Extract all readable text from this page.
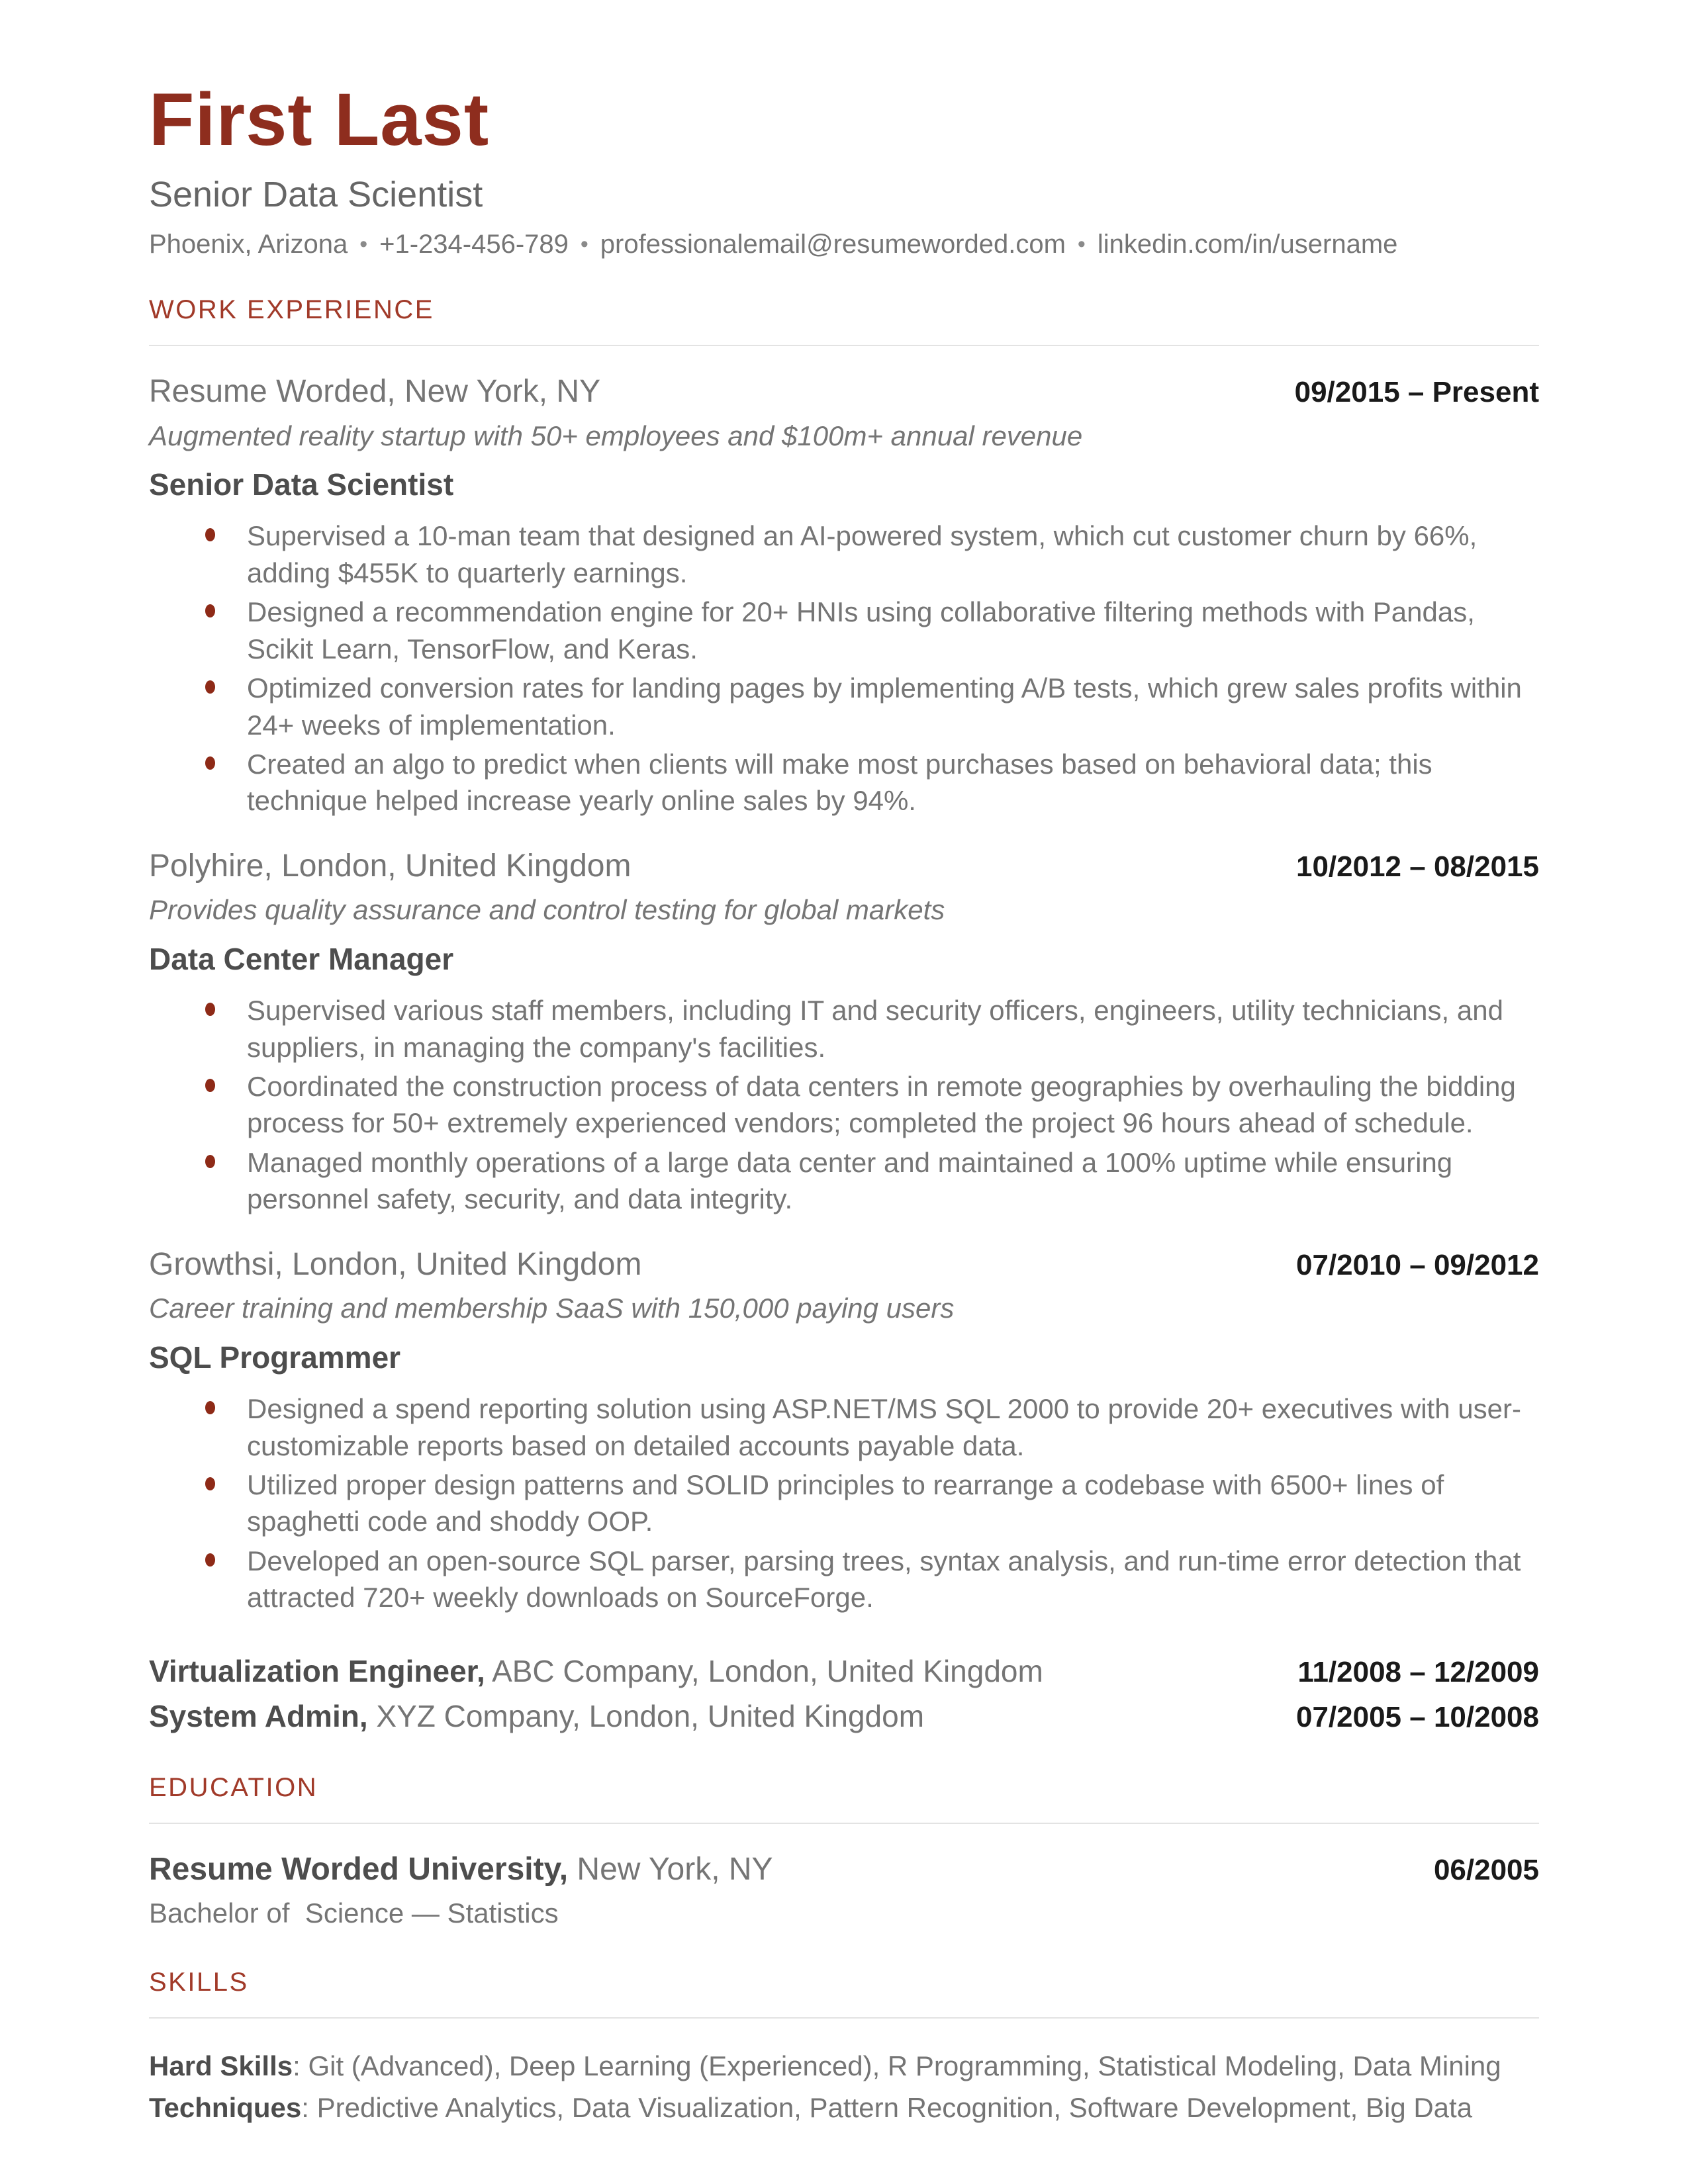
First Last
Senior Data Scientist
Phoenix, Arizona • +1-234-456-789 • professionalemail@resumeworded.com • linkedin.com/in/username
WORK EXPERIENCE
Resume Worded, New York, NY	09/2015 – Present
Augmented reality startup with 50+ employees and $100m+ annual revenue
Senior Data Scientist
Supervised a 10-man team that designed an AI-powered system, which cut customer churn by 66%, adding $455K to quarterly earnings.
Designed a recommendation engine for 20+ HNIs using collaborative filtering methods with Pandas, Scikit Learn, TensorFlow, and Keras.
Optimized conversion rates for landing pages by implementing A/B tests, which grew sales profits within 24+ weeks of implementation.
Created an algo to predict when clients will make most purchases based on behavioral data; this technique helped increase yearly online sales by 94%.
Polyhire, London, United Kingdom	10/2012 – 08/2015
Provides quality assurance and control testing for global markets
Data Center Manager
Supervised various staff members, including IT and security officers, engineers, utility technicians, and suppliers, in managing the company's facilities.
Coordinated the construction process of data centers in remote geographies by overhauling the bidding process for 50+ extremely experienced vendors; completed the project 96 hours ahead of schedule.
Managed monthly operations of a large data center and maintained a 100% uptime while ensuring personnel safety, security, and data integrity.
Growthsi, London, United Kingdom	07/2010 – 09/2012
Career training and membership SaaS with 150,000 paying users
SQL Programmer
Designed a spend reporting solution using ASP.NET/MS SQL 2000 to provide 20+ executives with user-customizable reports based on detailed accounts payable data.
Utilized proper design patterns and SOLID principles to rearrange a codebase with 6500+ lines of spaghetti code and shoddy OOP.
Developed an open-source SQL parser, parsing trees, syntax analysis, and run-time error detection that attracted 720+ weekly downloads on SourceForge.
Virtualization Engineer, ABC Company, London, United Kingdom	11/2008 – 12/2009
System Admin, XYZ Company, London, United Kingdom	07/2005 – 10/2008
EDUCATION
Resume Worded University, New York, NY	06/2005
Bachelor of  Science — Statistics
SKILLS
Hard Skills: Git (Advanced), Deep Learning (Experienced), R Programming, Statistical Modeling, Data Mining
Techniques: Predictive Analytics, Data Visualization, Pattern Recognition, Software Development, Big Data
